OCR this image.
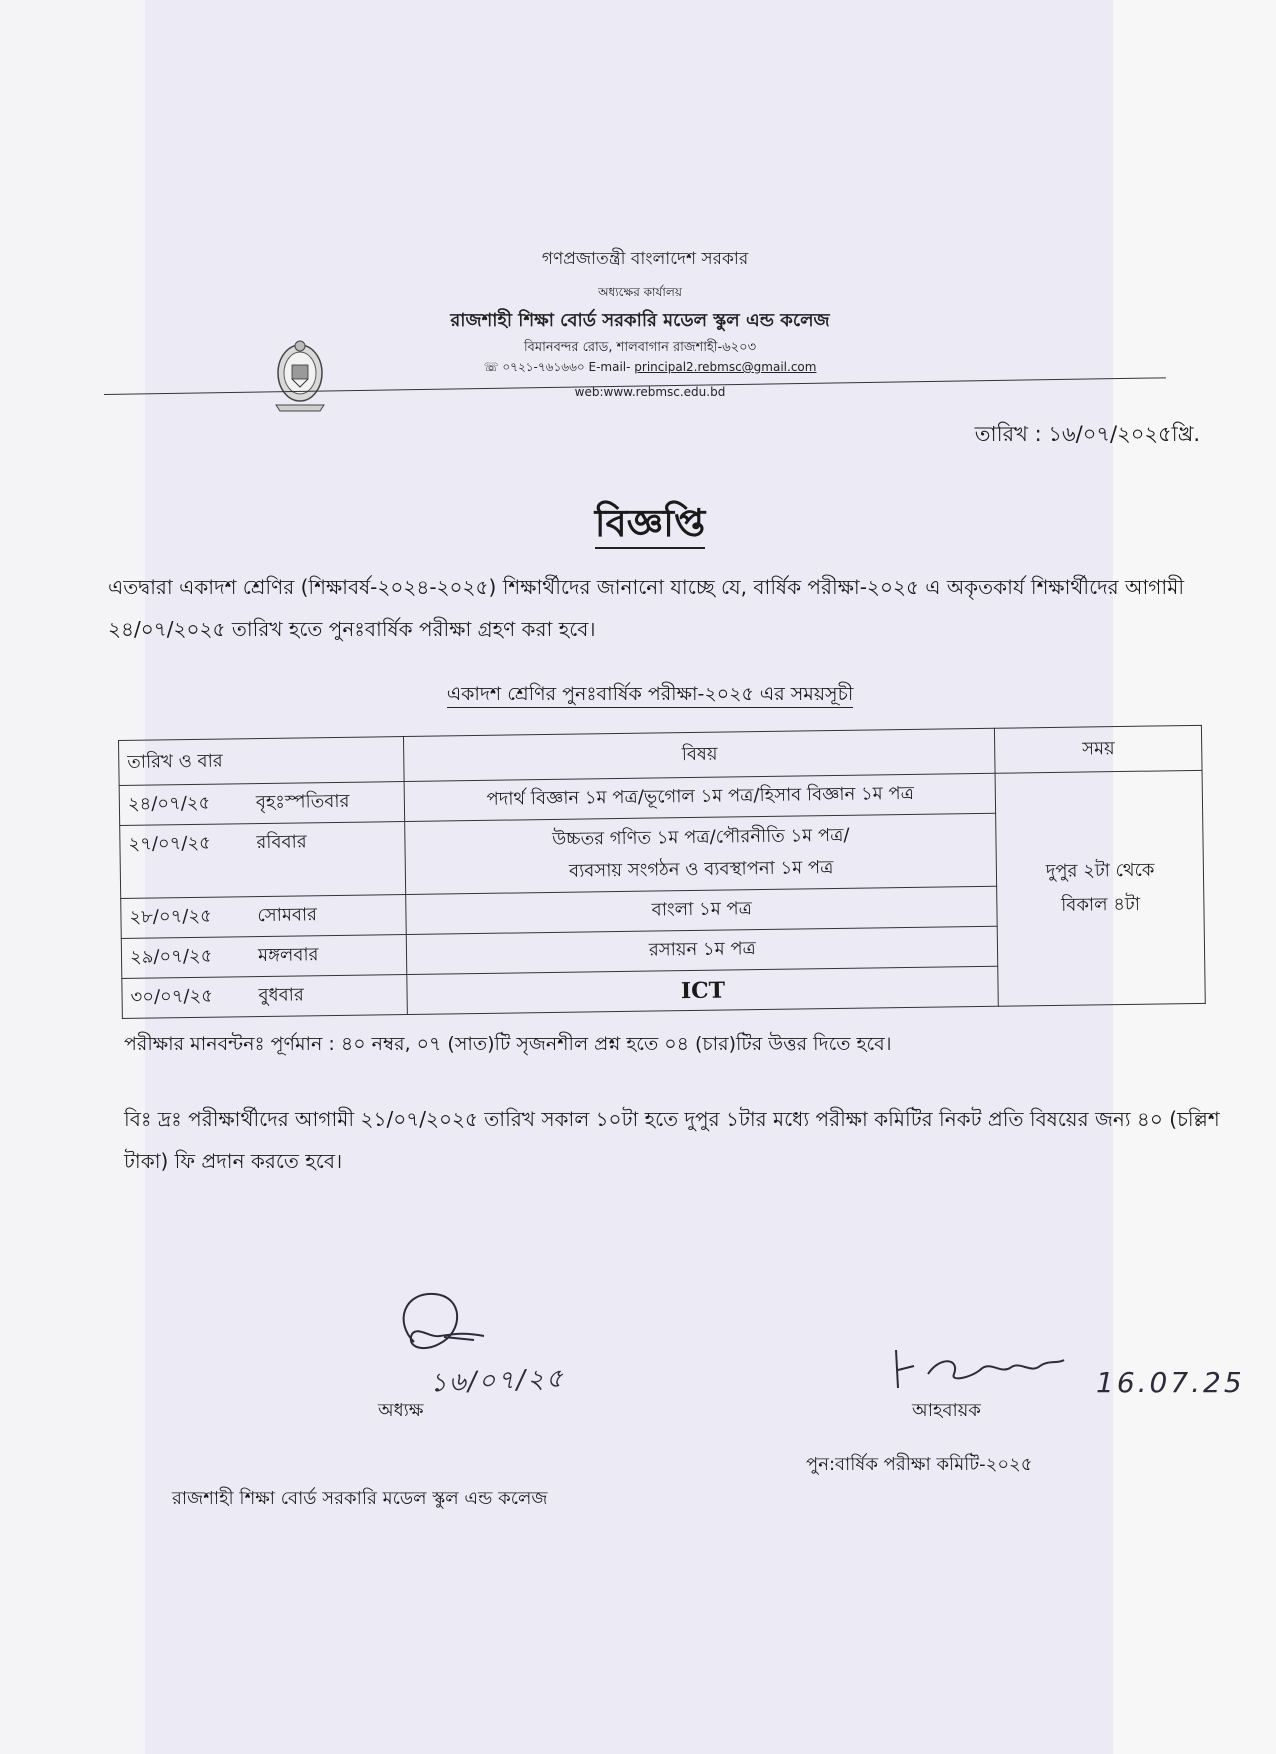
গণপ্রজাতন্ত্রী বাংলাদেশ সরকার
অধ্যক্ষের কার্যালয়
রাজশাহী শিক্ষা বোর্ড সরকারি মডেল স্কুল এন্ড কলেজ
বিমানবন্দর রোড, শালবাগান রাজশাহী-৬২০৩
☏ ০৭২১-৭৬১৬৬০ E-mail- principal2.rebmsc@gmail.com
web:www.rebmsc.edu.bd
তারিখ : ১৬/০৭/২০২৫খ্রি.
বিজ্ঞপ্তি
এতদ্বারা একাদশ শ্রেণির (শিক্ষাবর্ষ-২০২৪-২০২৫) শিক্ষার্থীদের জানানো যাচ্ছে যে, বার্ষিক পরীক্ষা-২০২৫ এ অকৃতকার্য শিক্ষার্থীদের আগামী ২৪/০৭/২০২৫ তারিখ হতে পুনঃবার্ষিক পরীক্ষা গ্রহণ করা হবে।
একাদশ শ্রেণির পুনঃবার্ষিক পরীক্ষা-২০২৫ এর সময়সূচী
তারিখ ও বার	বিষয়	সময়
২৪/০৭/২৫ বৃহঃস্পতিবার	পদার্থ বিজ্ঞান ১ম পত্র/ভূগোল ১ম পত্র/হিসাব বিজ্ঞান ১ম পত্র	দুপুর ২টা থেকে বিকাল ৪টা
২৭/০৭/২৫ রবিবার	উচ্চতর গণিত ১ম পত্র/পৌরনীতি ১ম পত্র/
ব্যবসায় সংগঠন ও ব্যবস্থাপনা ১ম পত্র	

২৮/০৭/২৫ সোমবার	বাংলা ১ম পত্র	
২৯/০৭/২৫ মঙ্গলবার	রসায়ন ১ম পত্র	
৩০/০৭/২৫ বুধবার	ICT	
পরীক্ষার মানবন্টনঃ পূর্ণমান : ৪০ নম্বর, ০৭ (সাত)টি সৃজনশীল প্রশ্ন হতে ০৪ (চার)টির উত্তর দিতে হবে।
বিঃ দ্রঃ পরীক্ষার্থীদের আগামী ২১/০৭/২০২৫ তারিখ সকাল ১০টা হতে দুপুর ১টার মধ্যে পরীক্ষা কমিটির নিকট প্রতি বিষয়ের জন্য ৪০ (চল্লিশ টাকা) ফি প্রদান করতে হবে।
১৬/০৭/২৫
অধ্যক্ষ
16.07.25
আহবায়ক
পুন:বার্ষিক পরীক্ষা কমিটি-২০২৫
রাজশাহী শিক্ষা বোর্ড সরকারি মডেল স্কুল এন্ড কলেজ
